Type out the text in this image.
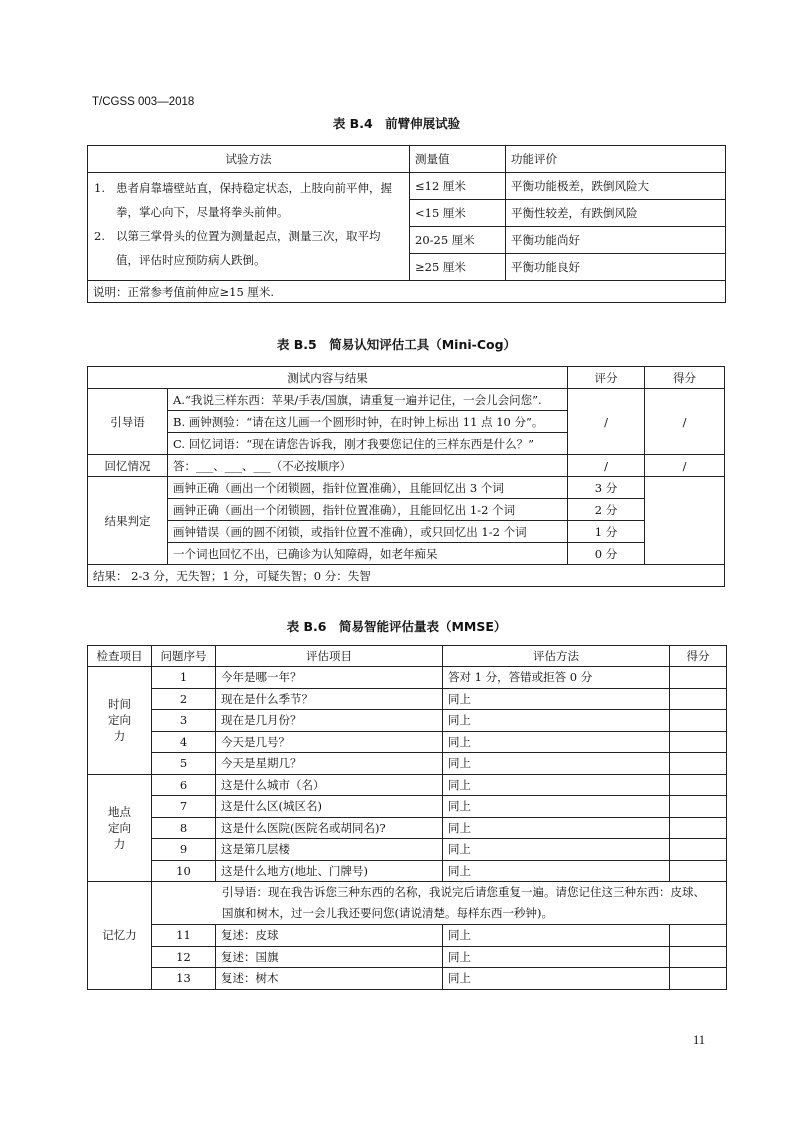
T/CGSS 003—2018
表 B.4　前臂伸展试验
试验方法	测量值	功能评价

1. 患者肩靠墙壁站直，保持稳定状态，上肢向前平伸，握拳，掌心向下，尽量将拳头前伸。
2. 以第三掌骨头的位置为测量起点，测量三次，取平均值，评估时应预防病人跌倒。	≤12 厘米	平衡功能极差，跌倒风险大
	<15 厘米	平衡性较差，有跌倒风险
	20-25 厘米	平衡功能尚好
	≥25 厘米	平衡功能良好
说明：正常参考值前伸应≥15 厘米.		
表 B.5　简易认知评估工具（Mini-Cog）
测试内容与结果		评分	得分
引导语	A.“我说三样东西：苹果/手表/国旗，请重复一遍并记住，一会儿会问您”.	/	/
	B. 画钟测验：“请在这儿画一个圆形时钟，在时钟上标出 11 点 10 分”。		
	C. 回忆词语：“现在请您告诉我，刚才我要您记住的三样东西是什么？”		
回忆情况	答：___、___、___（不必按顺序）	/	/
结果判定	画钟正确（画出一个闭锁圆，指针位置准确），且能回忆出 3 个词	3 分	
	画钟正确（画出一个闭锁圆，指针位置准确），且能回忆出 1-2 个词	2 分	
	画钟错误（画的圆不闭锁，或指针位置不准确），或只回忆出 1-2 个词	1 分	
	一个词也回忆不出，已确诊为认知障碍，如老年痴呆	0 分	
结果： 2-3 分，无失智；1 分，可疑失智；0 分：失智			
表 B.6　简易智能评估量表（MMSE）
检查项目	问题序号	评估项目	评估方法	得分
时间定向力	1	今年是哪一年？	答对 1 分，答错或拒答 0 分	
	2	现在是什么季节？	同上	
	3	现在是几月份？	同上	
	4	今天是几号？	同上	
	5	今天是星期几？	同上	
地点定向力	6	这是什么城市（名）	同上	
	7	这是什么区(城区名)	同上	
	8	这是什么医院(医院名或胡同名)?	同上	
	9	这是第几层楼	同上	
	10	这是什么地方(地址、门牌号)	同上	
记忆力	引导语：现在我告诉您三种东西的名称，我说完后请您重复一遍。请您记住这三种东西：皮球、
国旗和树木，过一会儿我还要问您(请说清楚。每样东西一秒钟)。			
	11	复述：皮球	同上	
	12	复述：国旗	同上	
	13	复述：树木	同上	
11
